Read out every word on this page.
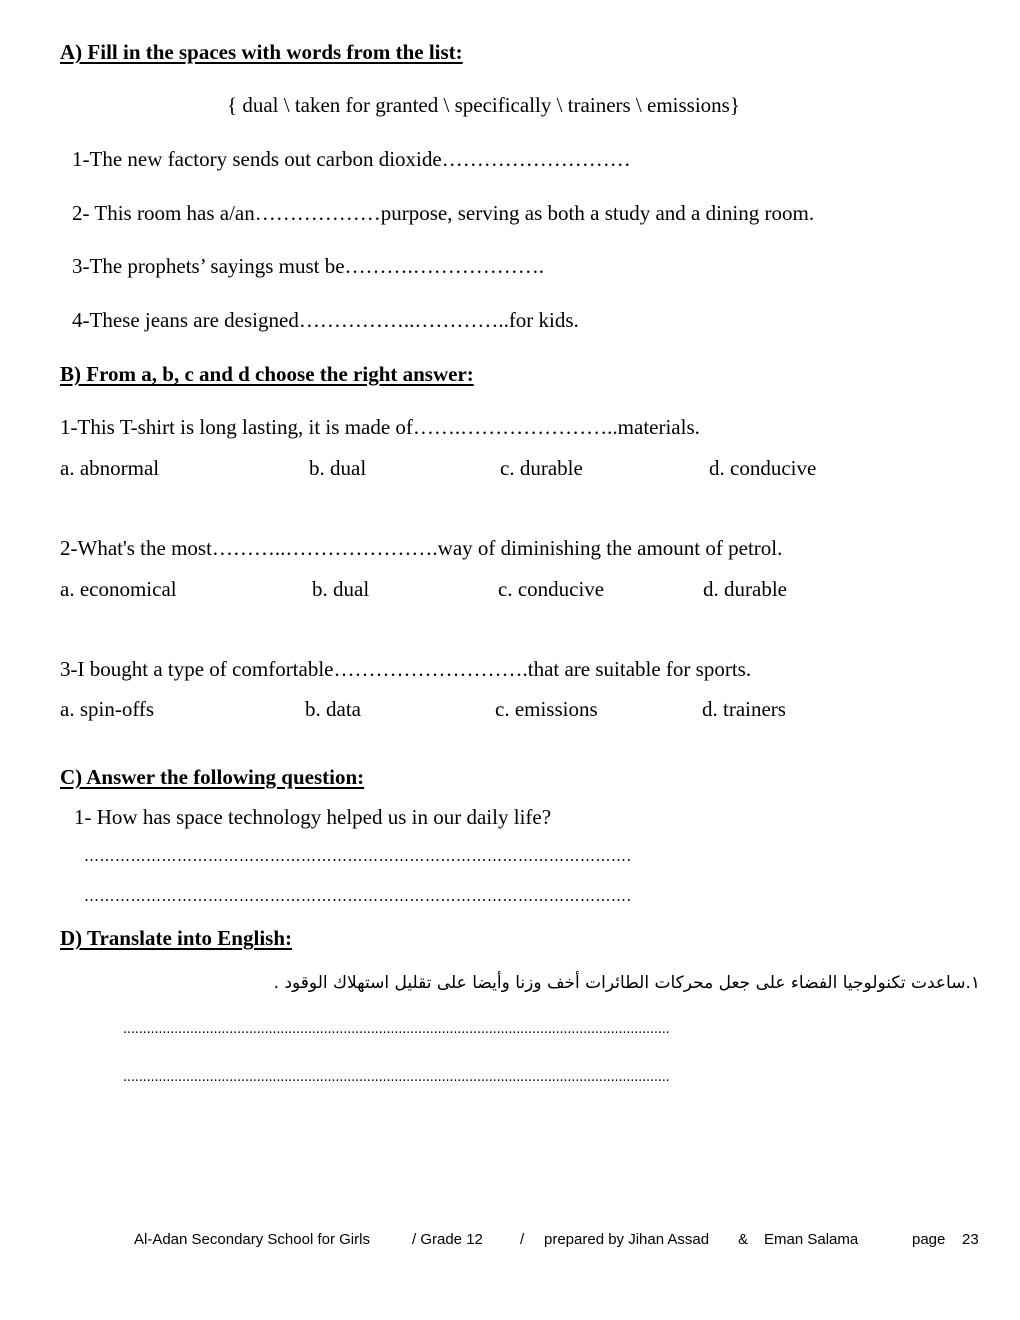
A) Fill in the spaces with words from the list:
{ dual \ taken for granted \ specifically \ trainers \ emissions}
1-The new factory sends out carbon dioxide………………………
2- This room has a/an………………purpose, serving as both a study and a dining room.
3-The prophets’ sayings must be……….……………….
4-These jeans are designed……………..…………..for kids.
B) From a, b, c and d choose the right answer:
1-This T-shirt is long lasting, it is made of…….…………………..materials.
a. abnormal	b. dual	c. durable	d. conducive
2-What's the most………..………………….way of diminishing the amount of petrol.
a. economical	b. dual	c. conducive	d. durable
3-I bought a type of comfortable……………………….that are suitable for sports.
a. spin-offs	b. data	c. emissions	d. trainers
C) Answer the following question:
1- How has space technology helped us in our daily life?
…………………………………………………………………………………………….
…………………………………………………………………………………………….
D) Translate into English:
١.ساعدت تكنولوجيا الفضاء على جعل محركات الطائرات أخف وزنا وأيضا على تقليل استهلاك الوقود .
...........................................................................................................................................
...........................................................................................................................................
Al-Adan Secondary School for Girls	/ Grade 12 / prepared by Jihan Assad & Eman Salama	page 23
